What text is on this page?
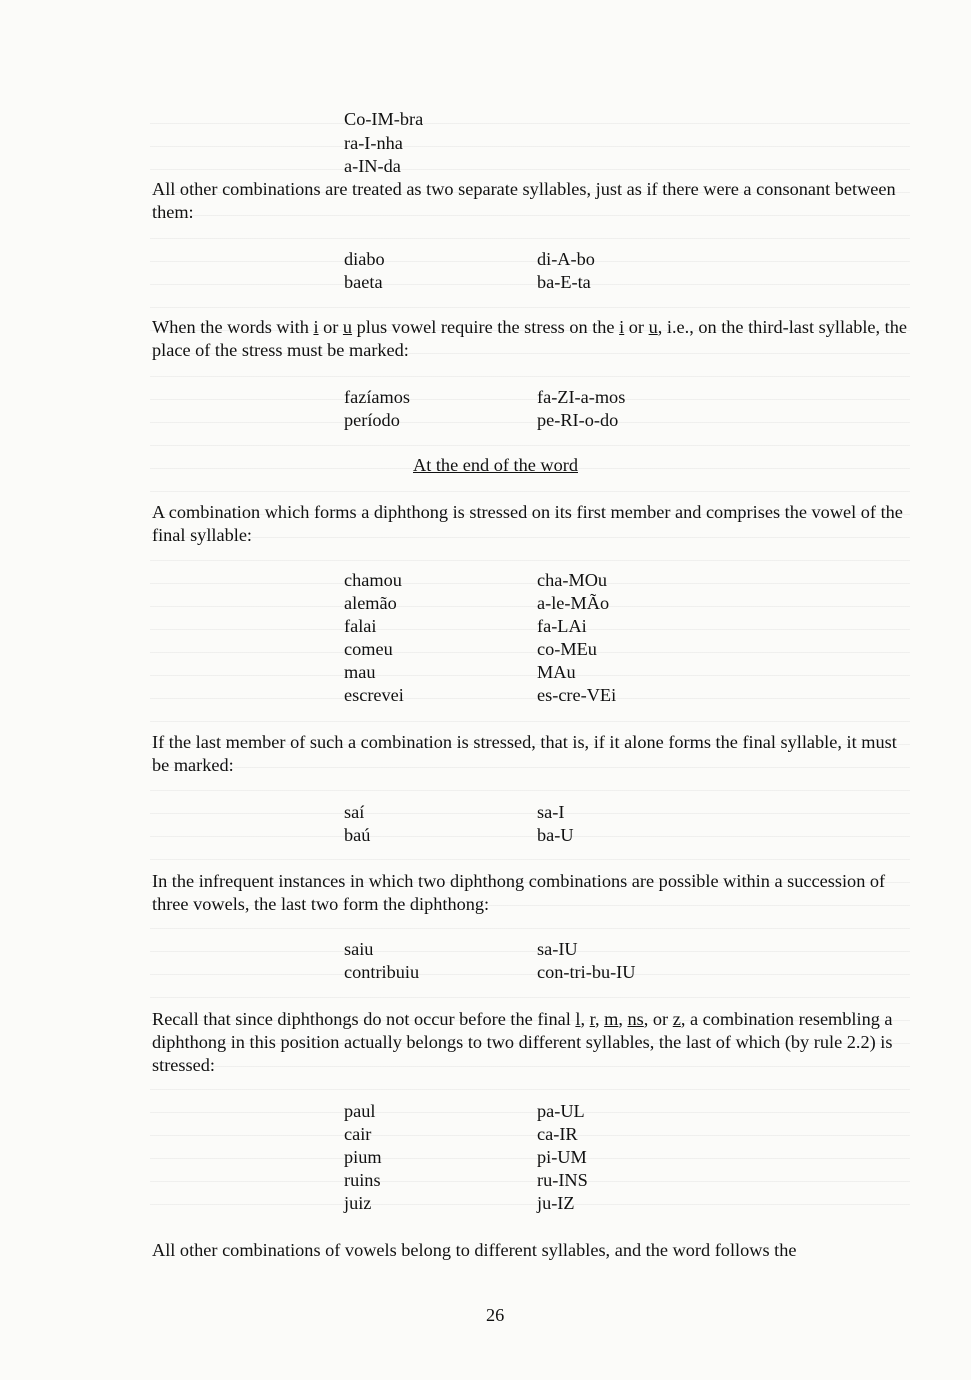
Co-IM-bra
ra-I-nha
a-IN-da

All other combinations are treated as two separate syllables, just as if there were a consonant between them:

diabo	di-A-bo
baeta	ba-E-ta

When the words with i or u plus vowel require the stress on the i or u, i.e., on the third-last syllable, the place of the stress must be marked:

fazíamos	fa-ZI-a-mos
período	pe-RI-o-do
At the end of the word

A combination which forms a diphthong is stressed on its first member and comprises the vowel of the final syllable:

chamou	cha-MOu
alemão	a-le-MÃo
falai	fa-LAi
comeu	co-MEu
mau	MAu
escrevei	es-cre-VEi

If the last member of such a combination is stressed, that is, if it alone forms the final syllable, it must be marked:

saí	sa-I
baú	ba-U

In the infrequent instances in which two diphthong combinations are possible within a succession of three vowels, the last two form the diphthong:

saiu	sa-IU
contribuiu	con-tri-bu-IU

Recall that since diphthongs do not occur before the final l, r, m, ns, or z, a combination resembling a diphthong in this position actually belongs to two different syllables, the last of which (by rule 2.2) is stressed:

paul	pa-UL
cair	ca-IR
pium	pi-UM
ruins	ru-INS
juiz	ju-IZ

All other combinations of vowels belong to different syllables, and the word follows the

26
